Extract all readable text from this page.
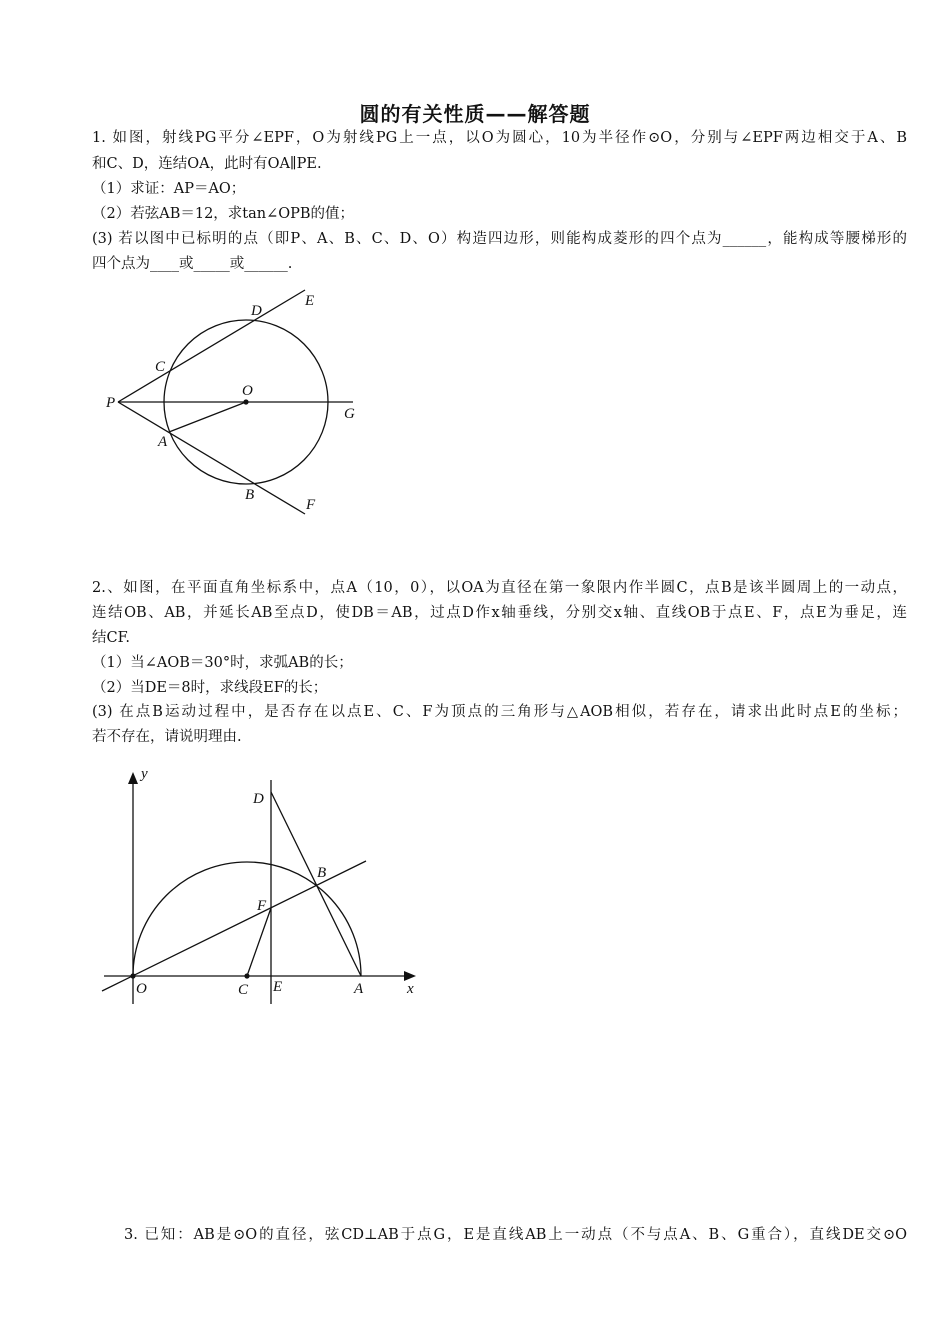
圆的有关性质——解答题
1. 如图，射线PG平分∠EPF，O为射线PG上一点，以O为圆心，10为半径作⊙O，分别与∠EPF两边相交于A、B
和C、D，连结OA，此时有OA∥PE.
（1）求证：AP＝AO；
（2）若弦AB＝12，求tan∠OPB的值；
(3) 若以图中已标明的点（即P、A、B、C、D、O）构造四边形，则能构成菱形的四个点为______，能构成等腰梯形的
四个点为____或_____或______.
P
C
D
E
O
G
A
B
F
2.、如图，在平面直角坐标系中，点A（10，0），以OA为直径在第一象限内作半圆C，点B是该半圆周上的一动点，
连结OB、AB，并延长AB至点D，使DB＝AB，过点D作x轴垂线，分别交x轴、直线OB于点E、F，点E为垂足，连
结CF.
（1）当∠AOB＝30°时，求弧AB的长；
（2）当DE＝8时，求线段EF的长；
(3) 在点B运动过程中，是否存在以点E、C、F为顶点的三角形与△AOB相似，若存在，请求出此时点E的坐标；
若不存在，请说明理由.
y
D
B
F
O	C E	A	x
3. 已知：AB是⊙O的直径，弦CD⊥AB于点G，E是直线AB上一动点（不与点A、B、G重合），直线DE交⊙O
